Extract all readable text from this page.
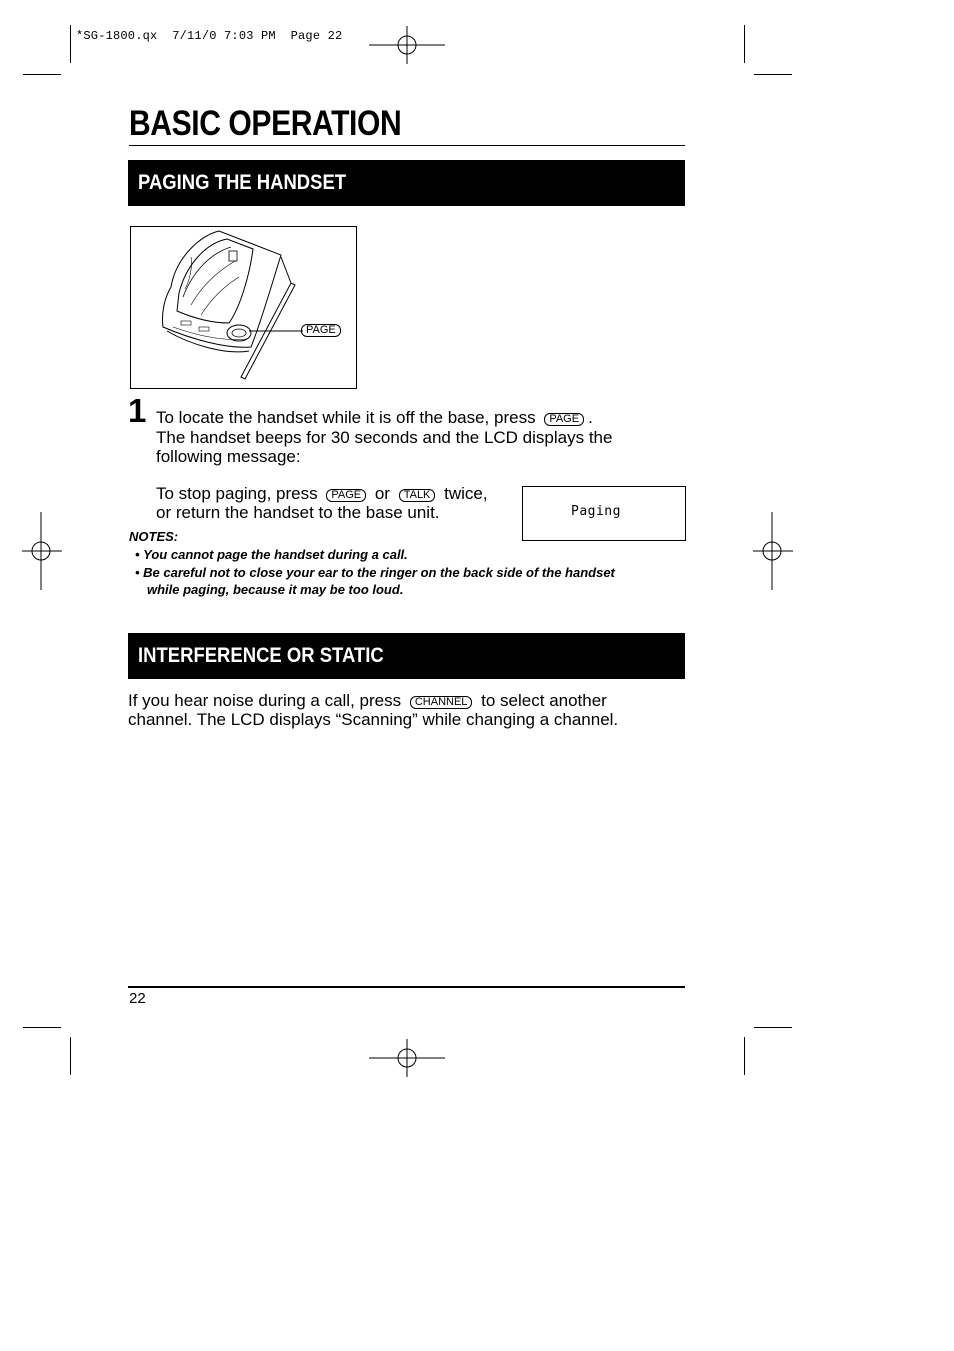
*SG-1800.qx  7/11/0 7:03 PM  Page 22
BASIC OPERATION
PAGING THE HANDSET
PAGE
1 To locate the handset while it is off the base, press PAGE .
The handset beeps for 30 seconds and the LCD displays the
following message:
To stop paging, press PAGE or TALK twice,
or return the handset to the base unit.	Paging
NOTES:
• You cannot page the handset during a call.
• Be careful not to close your ear to the ringer on the back side of the handset
while paging, because it may be too loud.
INTERFERENCE OR STATIC
If you hear noise during a call, press CHANNEL to select another
channel. The LCD displays “Scanning” while changing a channel.
22
